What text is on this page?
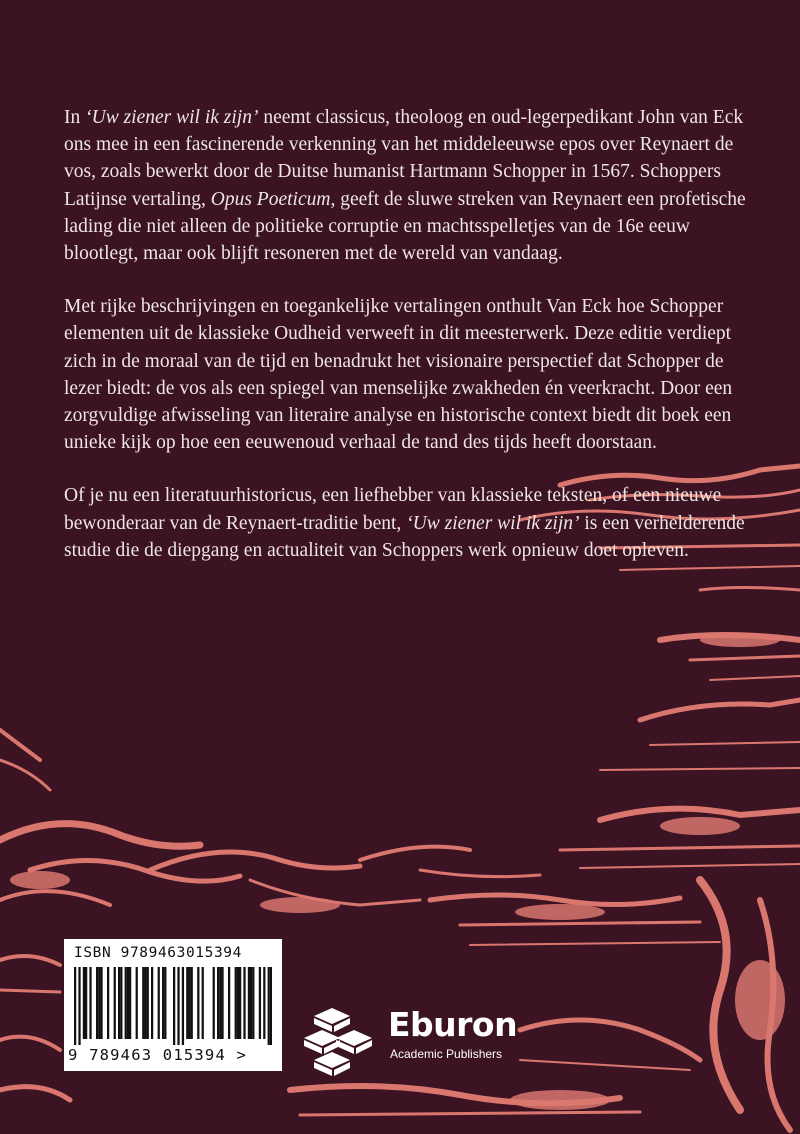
In ‘Uw ziener wil ik zijn’ neemt classicus, theoloog en oud-legerpedikant John van Eck ons mee in een fascinerende verkenning van het middeleeuwse epos over Reynaert de vos, zoals bewerkt door de Duitse humanist Hartmann Schopper in 1567. Schoppers Latijnse vertaling, Opus Poeticum, geeft de sluwe streken van Reynaert een profetische lading die niet alleen de politieke corruptie en machtsspelletjes van de 16e eeuw blootlegt, maar ook blijft resoneren met de wereld van vandaag.

Met rijke beschrijvingen en toegankelijke vertalingen onthult Van Eck hoe Schopper elementen uit de klassieke Oudheid verweeft in dit meesterwerk. Deze editie verdiept zich in de moraal van de tijd en benadrukt het visionaire perspectief dat Schopper de lezer biedt: de vos als een spiegel van menselijke zwakheden én veerkracht. Door een zorgvuldige afwisseling van literaire analyse en historische context biedt dit boek een unieke kijk op hoe een eeuwenoud verhaal de tand des tijds heeft doorstaan.

Of je nu een literatuurhistoricus, een liefhebber van klassieke teksten, of een nieuwe bewonderaar van de Reynaert-traditie bent, ‘Uw ziener wil ik zijn’ is een verhelderende studie die de diepgang en actualiteit van Schoppers werk opnieuw doet opleven.

ISBN 9789463015394
9 789463 015394 >
Eburon
Academic Publishers
